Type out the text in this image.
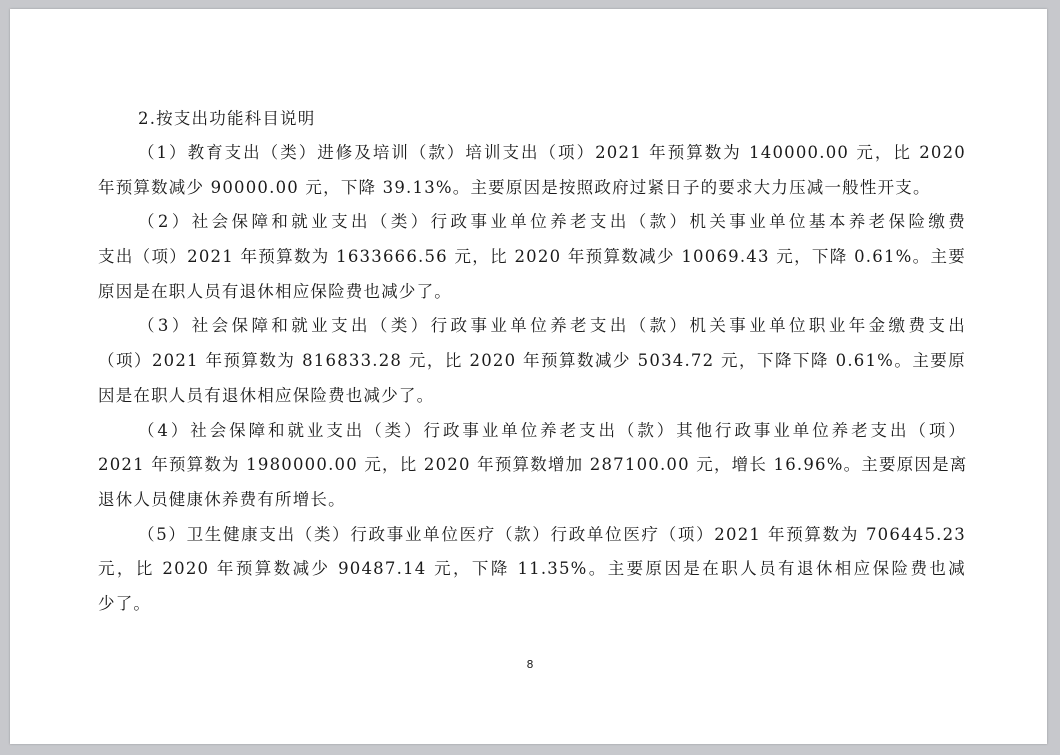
2.按支出功能科目说明

（1）教育支出（类）进修及培训（款）培训支出（项）2021 年预算数为 140000.00 元，比 2020
年预算数减少 90000.00 元，下降 39.13%。主要原因是按照政府过紧日子的要求大力压减一般性开支。
（2）社会保障和就业支出（类）行政事业单位养老支出（款）机关事业单位基本养老保险缴费
支出（项）2021 年预算数为 1633666.56 元，比 2020 年预算数减少 10069.43 元，下降 0.61%。主要
原因是在职人员有退休相应保险费也减少了。
（3）社会保障和就业支出（类）行政事业单位养老支出（款）机关事业单位职业年金缴费支出
（项）2021 年预算数为 816833.28 元，比 2020 年预算数减少 5034.72 元，下降下降 0.61%。主要原
因是在职人员有退休相应保险费也减少了。
（4）社会保障和就业支出（类）行政事业单位养老支出（款）其他行政事业单位养老支出（项）
2021 年预算数为 1980000.00 元，比 2020 年预算数增加 287100.00 元，增长 16.96%。主要原因是离
退休人员健康休养费有所增长。
（5）卫生健康支出（类）行政事业单位医疗（款）行政单位医疗（项）2021 年预算数为 706445.23
元，比 2020 年预算数减少 90487.14 元，下降 11.35%。主要原因是在职人员有退休相应保险费也减
少了。
8
